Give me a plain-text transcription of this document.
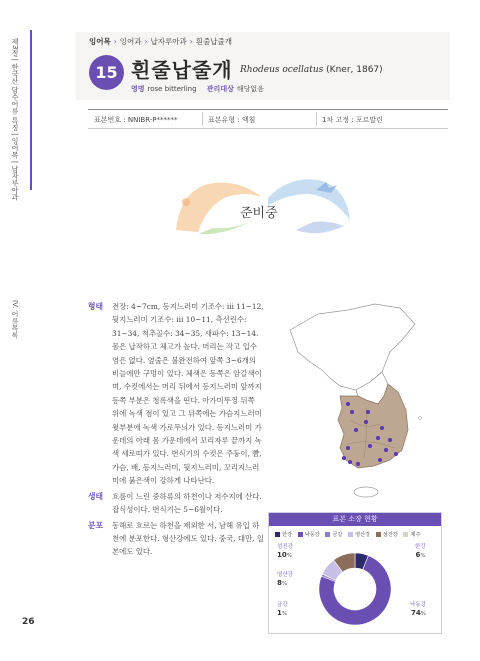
제3절 | 한국산 담수어류 특징 | 잉어목 | 납자루아과
IV. 어류목록
잉어목 › 잉어과 › 납자루아과 › 흰줄납줄개
15 흰줄납줄개 Rhodeus ocellatus (Kner, 1867)
영명 rose bitterling 관리대상 해당없음
표본번호 : NNIBR-P******	표본유형 : 액침	1차 고정 : 포르말린
준비중
형태 전장: 4~7cm, 등지느러미 기조수: iii 11~12, 뒷지느러미 기조수: iii 10~11, 측선린수: 31~34, 척추골수: 34~35, 새파수: 13~14. 몸은 납작하고 체고가 높다. 머리는 작고 입수염은 없다. 옆줄은 불완전하여 앞쪽 3~6개의 비늘에만 구멍이 있다. 체색은 등쪽은 암갈색이며, 수컷에서는 머리 뒤에서 등지느러미 앞까지 등쪽 부분은 청록색을 띤다. 아가미뚜껑 뒤쪽 위에 녹색 점이 있고 그 뒤쪽에는 가슴지느러미 윗부분에 녹색 가로무늬가 있다. 등지느러미 가운데의 아래 몸 가운데에서 꼬리자루 끝까지 녹색 세로띠가 있다. 번식기의 수컷은 주둥이, 뺨, 가슴, 배, 등지느러미, 뒷지느러미, 꼬리지느러미에 붉은색이 강하게 나타난다.
생태 흐름이 느린 중하류의 하천이나 저수지에 산다. 잡식성이다. 번식기는 5~6월이다.
분포 동해로 흐르는 하천을 제외한 서, 남해 유입 하천에 분포한다. 형산강에도 있다. 중국, 대만, 일본에도 있다.
표본 소장 현황
한강 낙동강 금강 영산강 섬진강 제주
섬진강
10%
영산강
8%
금강
1%
한강
6%
낙동강
74%
26
